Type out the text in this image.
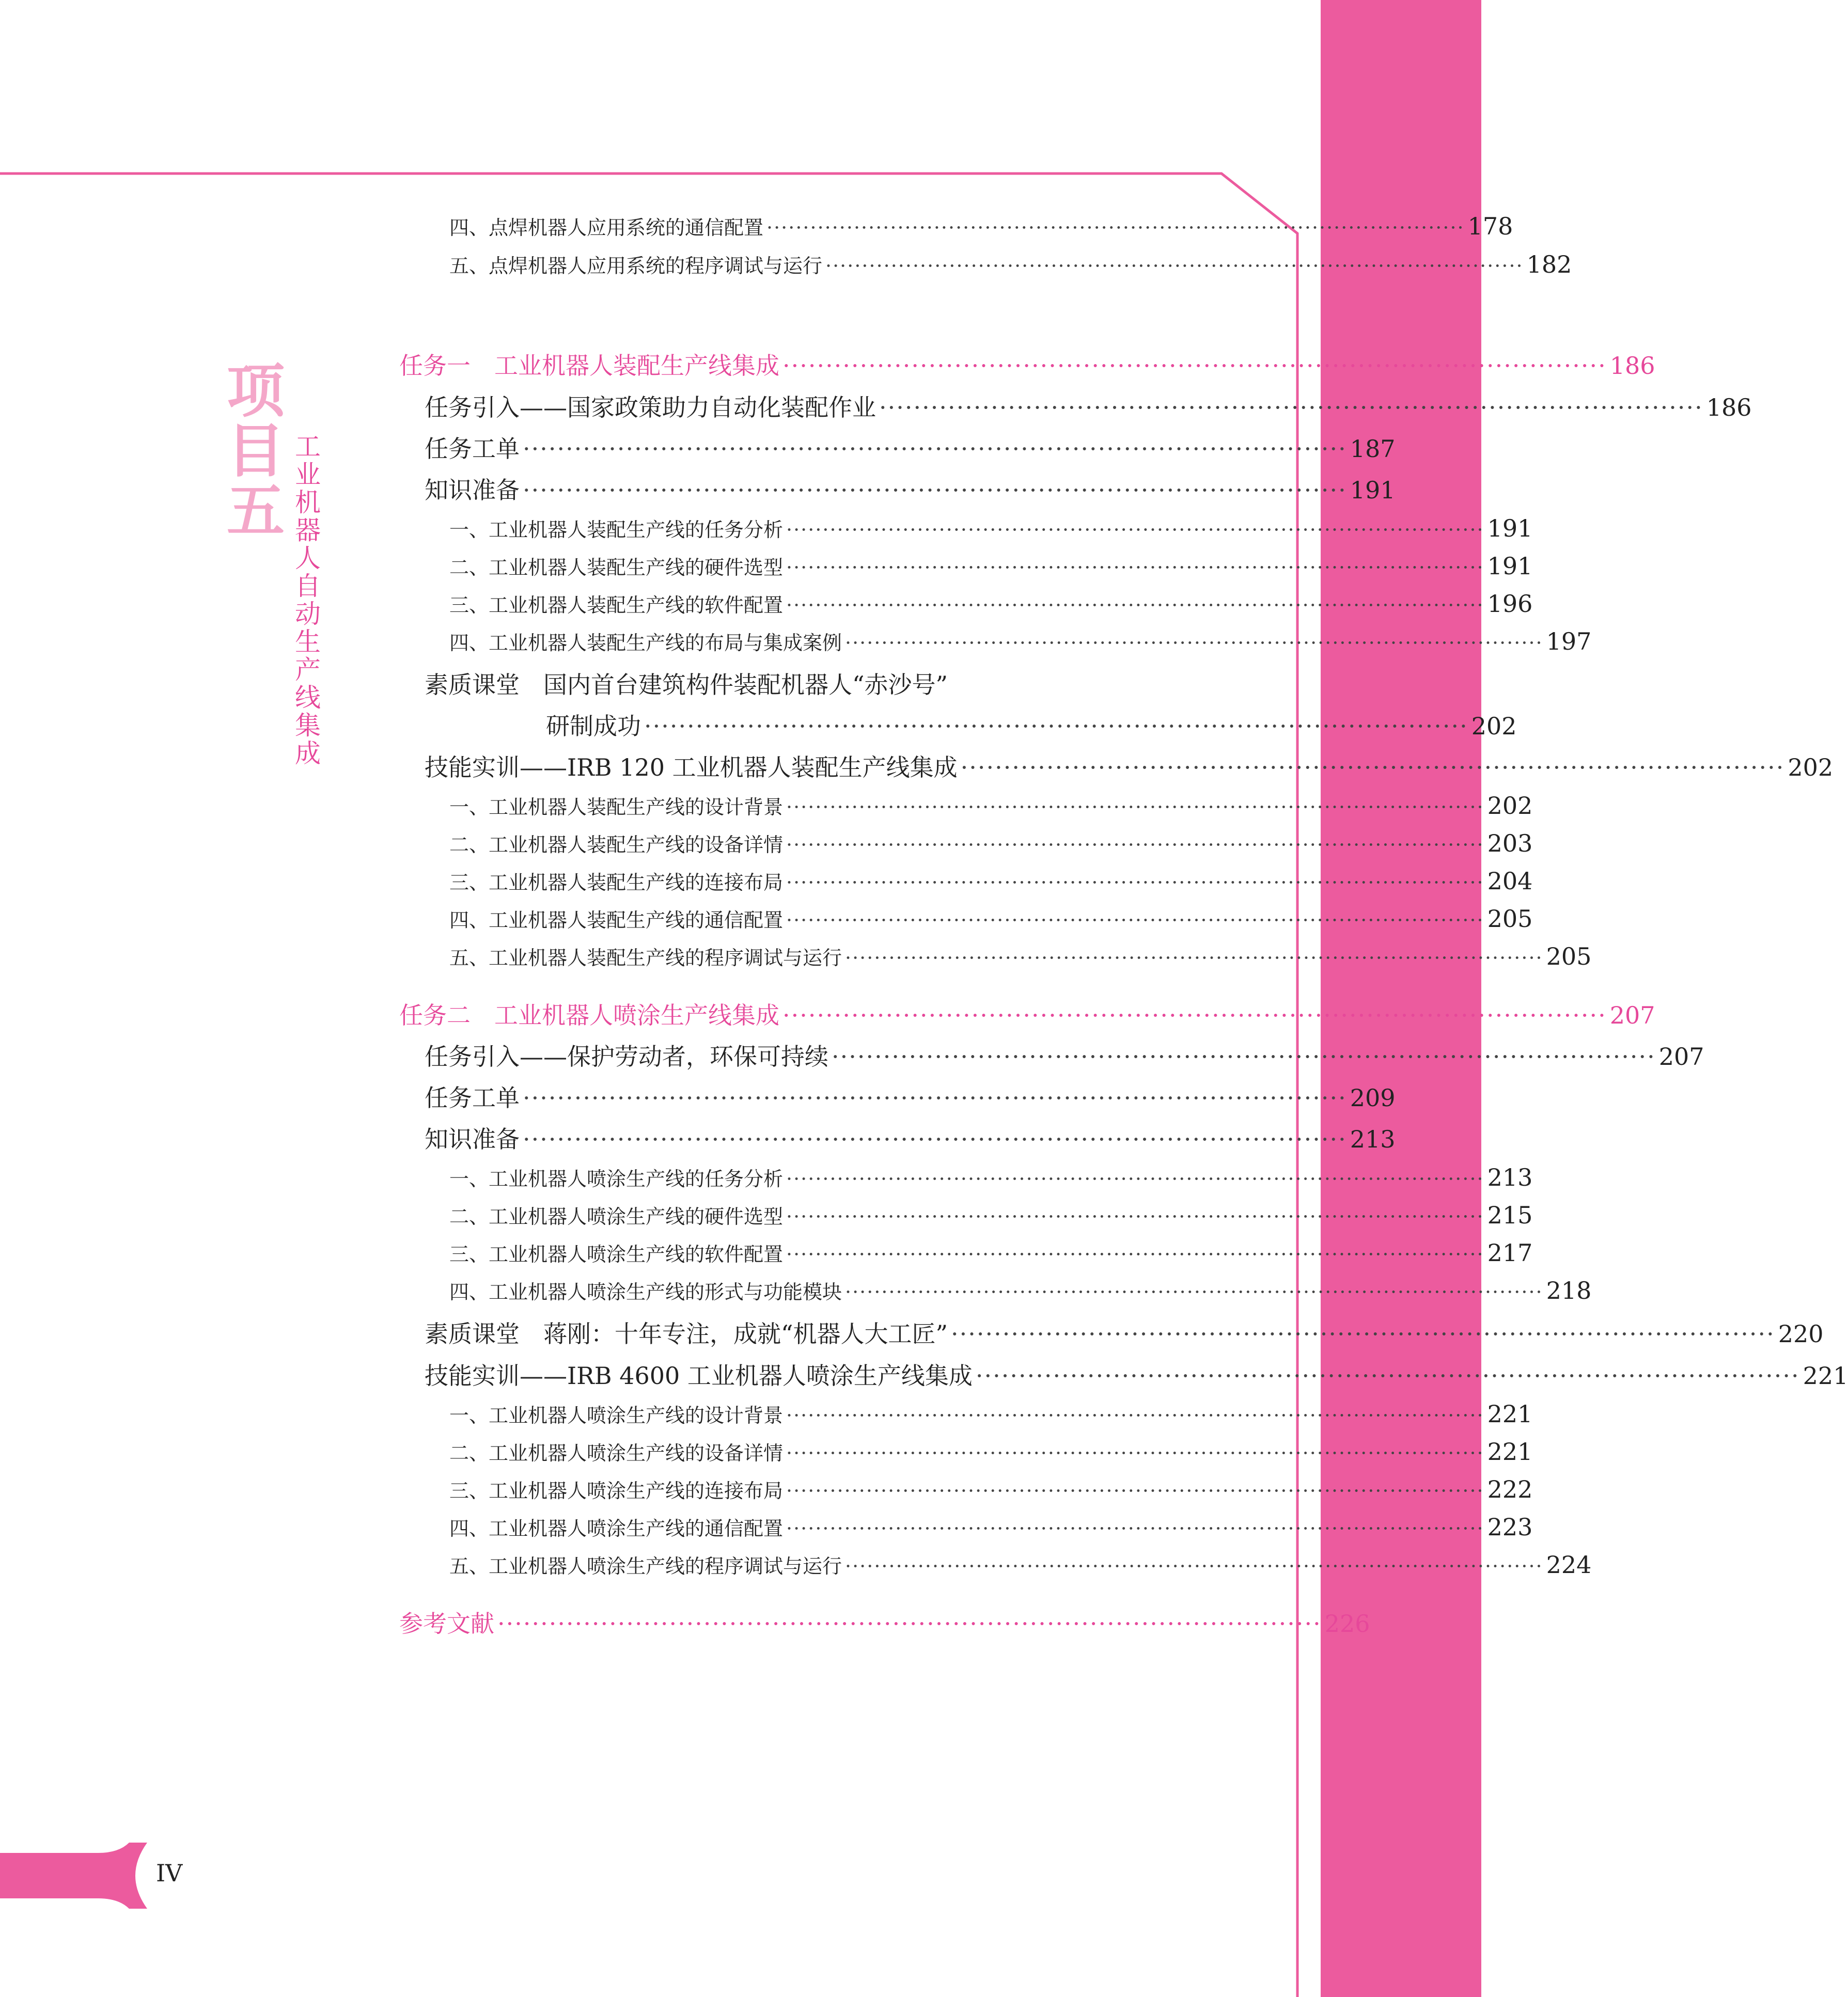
项
目
五
工
业
机
器
人
自
动
生
产
线
集
成
四、点焊机器人应用系统的通信配置 ································································································ 178
五、点焊机器人应用系统的程序调试与运行 ································································································ 182
任务一　工业机器人装配生产线集成 ································································································ 186
任务引入——国家政策助力自动化装配作业 ································································································ 186
任务工单 ································································································ 187
知识准备 ································································································ 191
一、工业机器人装配生产线的任务分析 ································································································ 191
二、工业机器人装配生产线的硬件选型 ································································································ 191
三、工业机器人装配生产线的软件配置 ································································································ 196
四、工业机器人装配生产线的布局与集成案例 ································································································ 197
素质课堂　国内首台建筑构件装配机器人“赤沙号”
研制成功 ································································································ 202
技能实训——IRB 120 工业机器人装配生产线集成 ································································································ 202
一、工业机器人装配生产线的设计背景 ································································································ 202
二、工业机器人装配生产线的设备详情 ································································································ 203
三、工业机器人装配生产线的连接布局 ································································································ 204
四、工业机器人装配生产线的通信配置 ································································································ 205
五、工业机器人装配生产线的程序调试与运行 ································································································ 205
任务二　工业机器人喷涂生产线集成 ································································································ 207
任务引入——保护劳动者，环保可持续 ································································································ 207
任务工单 ································································································ 209
知识准备 ································································································ 213
一、工业机器人喷涂生产线的任务分析 ································································································ 213
二、工业机器人喷涂生产线的硬件选型 ································································································ 215
三、工业机器人喷涂生产线的软件配置 ································································································ 217
四、工业机器人喷涂生产线的形式与功能模块 ································································································ 218
素质课堂　蒋刚：十年专注，成就“机器人大工匠” ································································································ 220
技能实训——IRB 4600 工业机器人喷涂生产线集成 ································································································ 221
一、工业机器人喷涂生产线的设计背景 ································································································ 221
二、工业机器人喷涂生产线的设备详情 ································································································ 221
三、工业机器人喷涂生产线的连接布局 ································································································ 222
四、工业机器人喷涂生产线的通信配置 ································································································ 223
五、工业机器人喷涂生产线的程序调试与运行 ································································································ 224
参考文献 ································································································ 226
IV
